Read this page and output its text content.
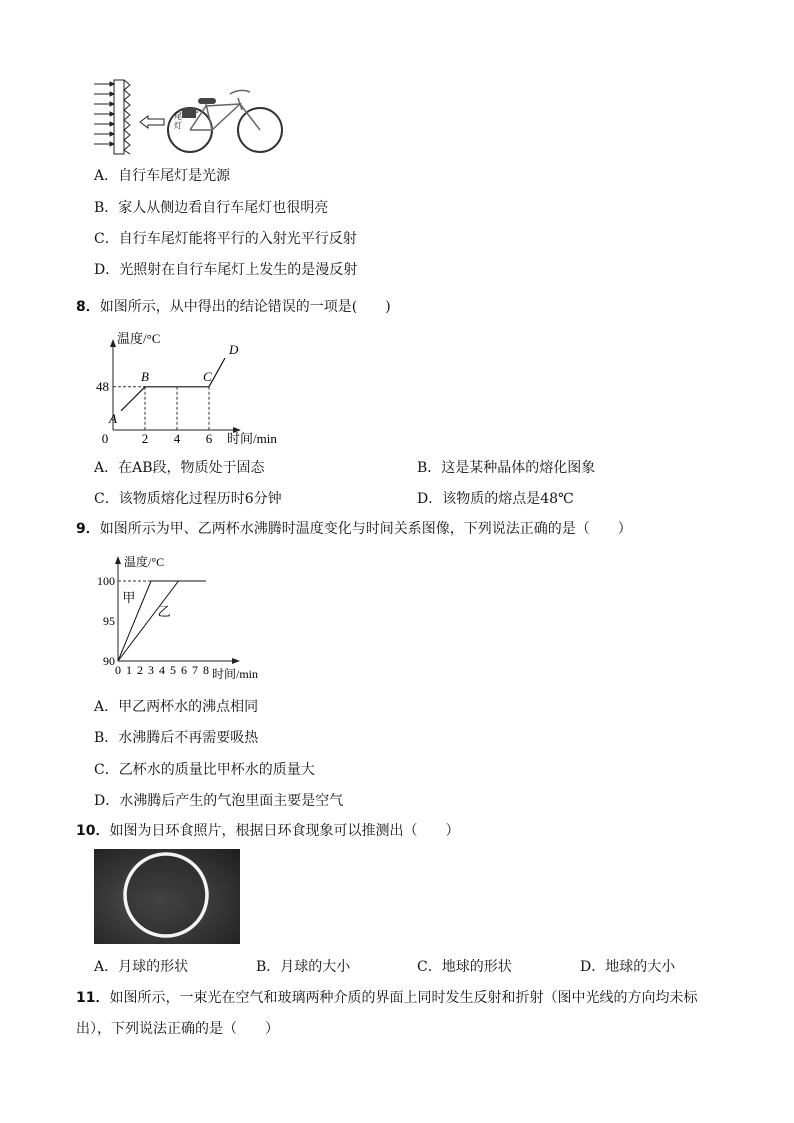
尾灯
A．自行车尾灯是光源
B．家人从侧边看自行车尾灯也很明亮
C．自行车尾灯能将平行的入射光平行反射
D．光照射在自行车尾灯上发生的是漫反射
8．如图所示，从中得出的结论错误的一项是(　　)
温度/°C
时间/min
0	2 4 6
48
A
B	C
D
A．在AB段，物质处于固态	B．这是某种晶体的熔化图象
C．该物质熔化过程历时6分钟	D．该物质的熔点是48℃
9．如图所示为甲、乙两杯水沸腾时温度变化与时间关系图像，下列说法正确的是（　　）
温度/°C
时间/min
0 1 2 3 4 5 6 7 8
90
95
100
甲
乙
A．甲乙两杯水的沸点相同
B．水沸腾后不再需要吸热
C．乙杯水的质量比甲杯水的质量大
D．水沸腾后产生的气泡里面主要是空气
10．如图为日环食照片，根据日环食现象可以推测出（　　）
A．月球的形状	B．月球的大小	C．地球的形状	D．地球的大小
11．如图所示，一束光在空气和玻璃两种介质的界面上同时发生反射和折射（图中光线的方向均未标
出），下列说法正确的是（　　）
